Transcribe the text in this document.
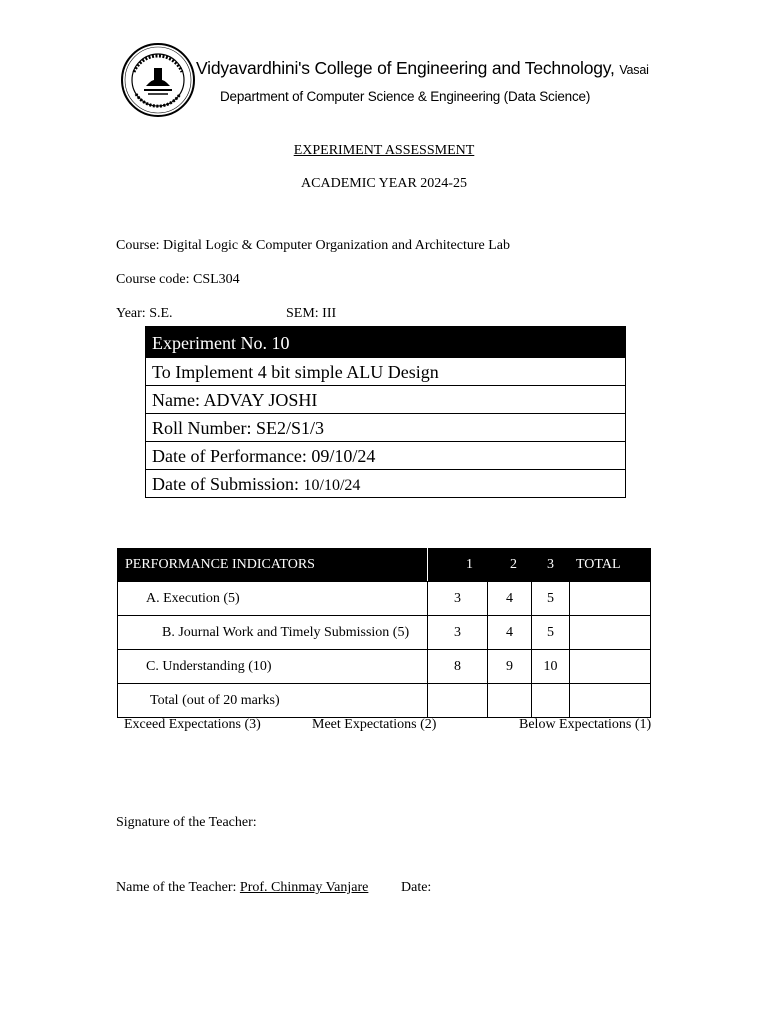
Vidyavardhini's College of Engineering and Technology, Vasai
Department of Computer Science & Engineering (Data Science)
EXPERIMENT ASSESSMENT
ACADEMIC YEAR 2024-25
Course: Digital Logic & Computer Organization and Architecture Lab
Course code: CSL304
Year: S.E.	SEM: III
Experiment No. 10
To Implement 4 bit simple ALU Design
Name: ADVAY JOSHI
Roll Number: SE2/S1/3
Date of Performance: 09/10/24
Date of Submission: 10/10/24
PERFORMANCE INDICATORS	1	2	3	TOTAL
A. Execution (5)	3	4	5	
B. Journal Work and Timely Submission (5)	3	4	5	
C. Understanding (10)	8	9	10	
Total (out of 20 marks)				
Exceed Expectations (3)	Meet Expectations (2)	Below Expectations (1)
Signature of the Teacher:
Name of the Teacher: Prof. Chinmay Vanjare Date:
